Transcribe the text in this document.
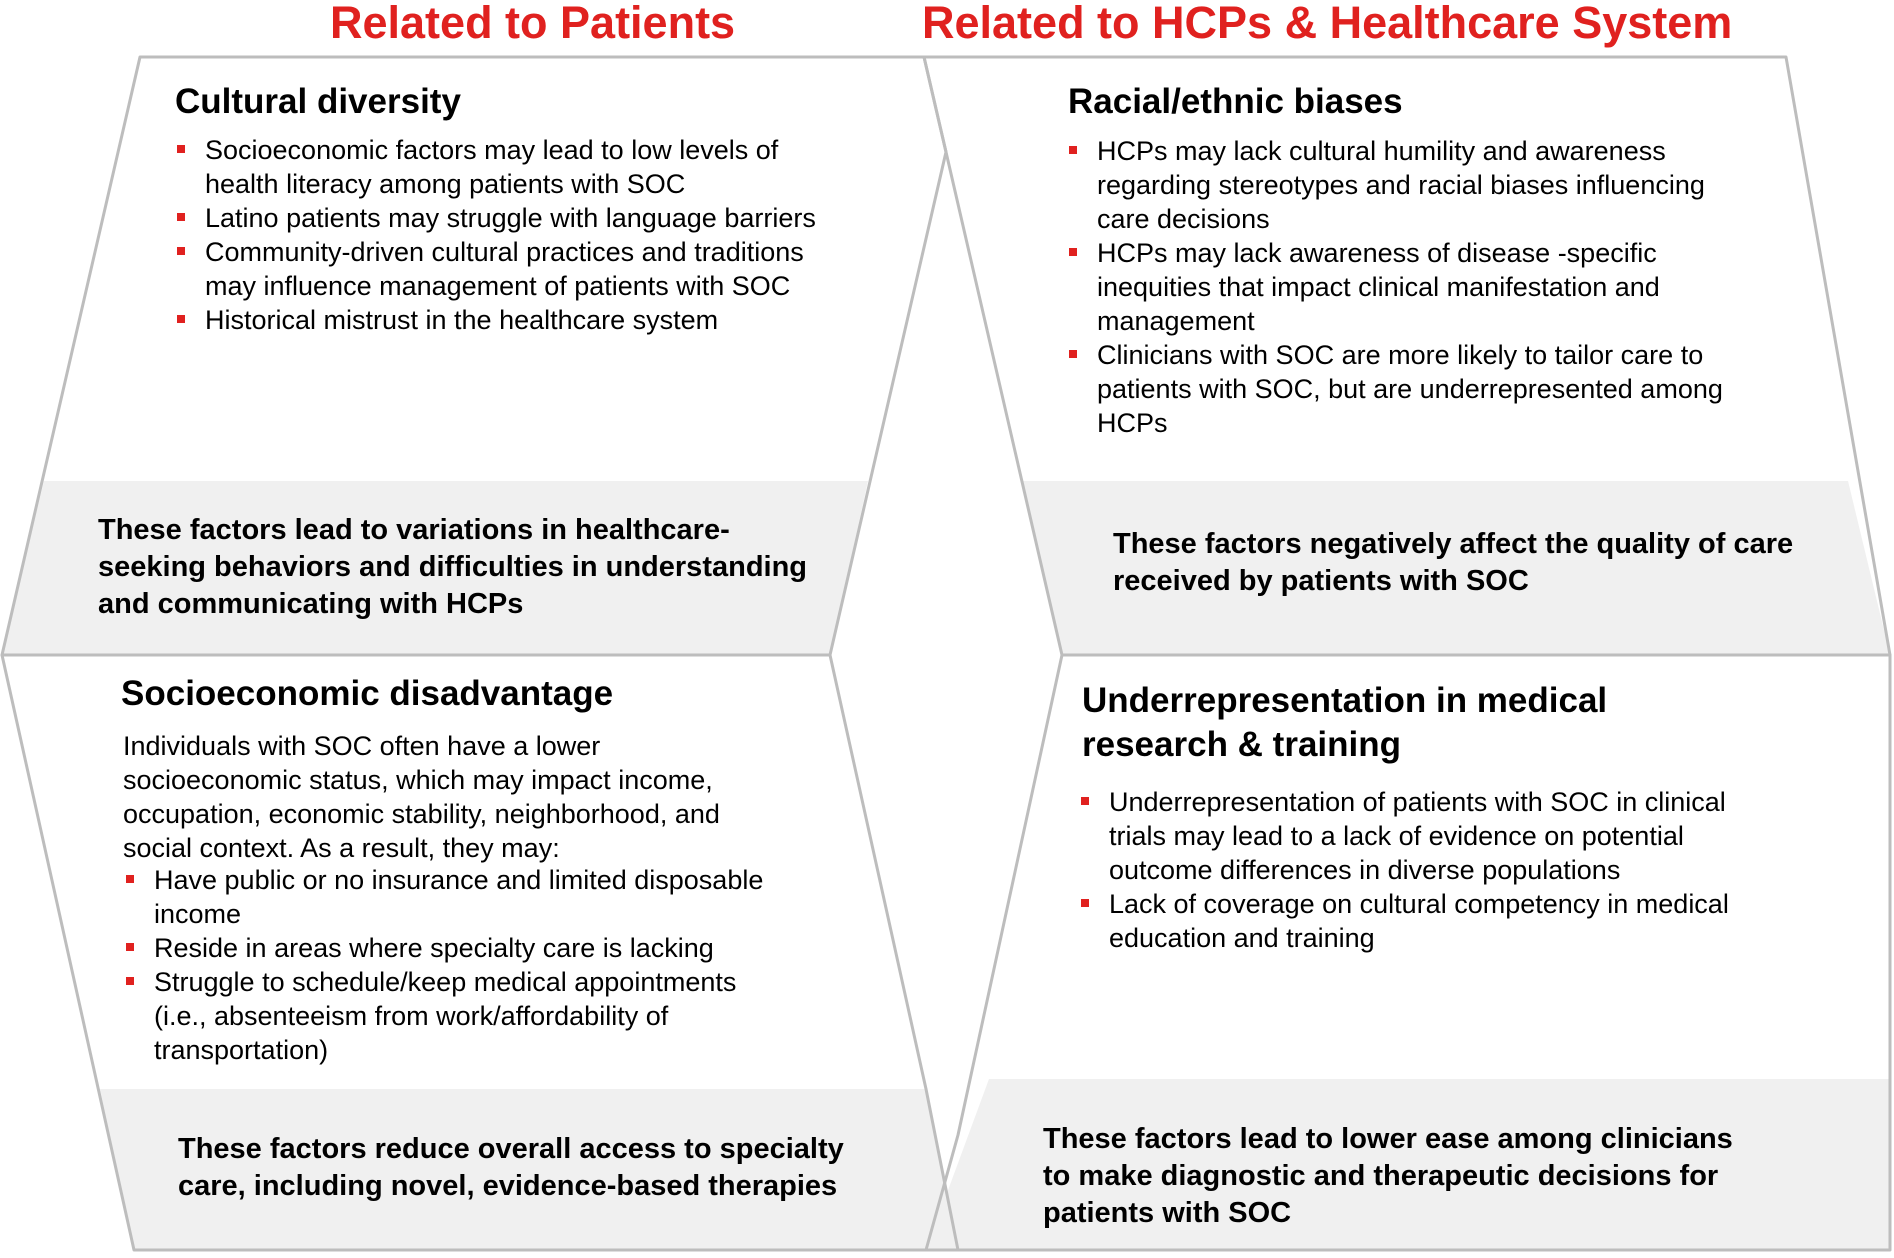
Related to Patients	Related to HCPs & Healthcare System
Cultural diversity
Socioeconomic factors may lead to low levels of health literacy among patients with SOC
Latino patients may struggle with language barriers
Community-driven cultural practices and traditions may influence management of patients with SOC
Historical mistrust in the healthcare system

These factors lead to variations in healthcare-seeking behaviors and difficulties in understanding and communicating with HCPs

Racial/ethnic biases
HCPs may lack cultural humility and awareness regarding stereotypes and racial biases influencing care decisions
HCPs may lack awareness of disease -specific inequities that impact clinical manifestation and management
Clinicians with SOC are more likely to tailor care to patients with SOC, but are underrepresented among HCPs

These factors negatively affect the quality of care received by patients with SOC

Socioeconomic disadvantage

Individuals with SOC often have a lower socioeconomic status, which may impact income, occupation, economic stability, neighborhood, and social context. As a result, they may:

Have public or no insurance and limited disposable income
Reside in areas where specialty care is lacking
Struggle to schedule/keep medical appointments (i.e., absenteeism from work/affordability of transportation)

These factors reduce overall access to specialty care, including novel, evidence-based therapies

Underrepresentation in medical research & training
Underrepresentation of patients with SOC in clinical trials may lead to a lack of evidence on potential outcome differences in diverse populations
Lack of coverage on cultural competency in medical education and training

These factors lead to lower ease among clinicians to make diagnostic and therapeutic decisions for patients with SOC
